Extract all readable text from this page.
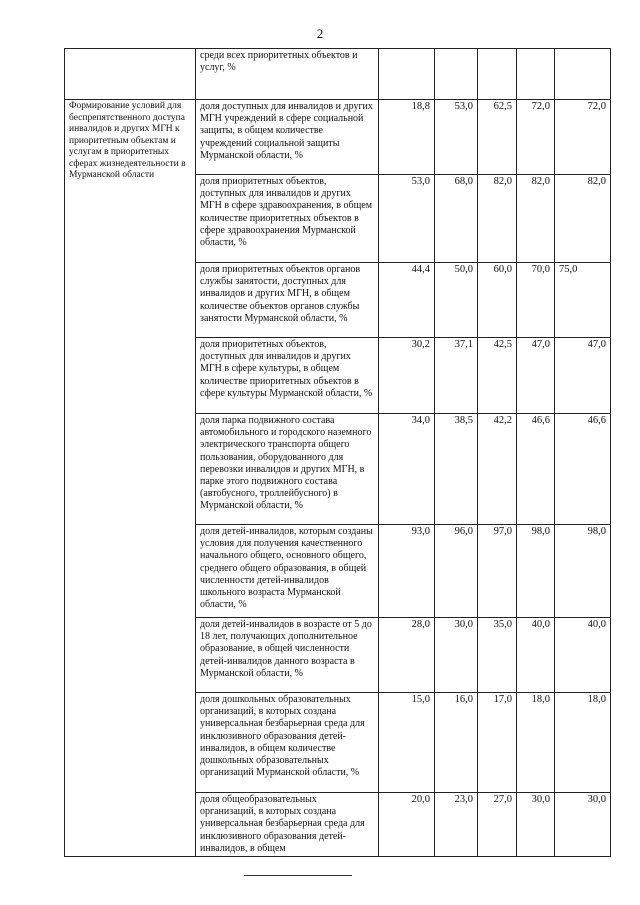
2
	среди всех приоритетных объектов и услуг, %					
Формирование условий для беспрепятственного доступа инвалидов и других МГН к приоритетным объектам и услугам в приоритетных сферах жизнедеятельности в Мурманской области	доля доступных для инвалидов и других МГН учреждений в сфере социальной защиты, в общем количестве учреждений социальной защиты Мурманской области, %	18,8	53,0	62,5	72,0	72,0
	доля приоритетных объектов, доступных для инвалидов и других МГН в сфере здравоохранения, в общем количестве приоритетных объектов в сфере здравоохранения Мурманской области, %	53,0	68,0	82,0	82,0	82,0
	доля приоритетных объектов органов службы занятости, доступных для инвалидов и других МГН, в общем количестве объектов органов службы занятости Мурманской области, %	44,4	50,0	60,0	70,0	75,0
	доля приоритетных объектов, доступных для инвалидов и других МГН в сфере культуры, в общем количестве приоритетных объектов в сфере культуры Мурманской области, %	30,2	37,1	42,5	47,0	47,0
	доля парка подвижного состава автомобильного и городского наземного электрического транспорта общего пользования, оборудованного для перевозки инвалидов и других МГН, в парке этого подвижного состава (автобусного, троллейбусного) в Мурманской области, %	34,0	38,5	42,2	46,6	46,6
	доля детей-инвалидов, которым созданы условия для получения качественного начального общего, основного общего, среднего общего образования, в общей численности детей-инвалидов школьного возраста Мурманской области, %	93,0	96,0	97,0	98,0	98,0
	доля детей-инвалидов в возрасте от 5 до 18 лет, получающих дополнительное образование, в общей численности детей-инвалидов данного возраста в Мурманской области, %	28,0	30,0	35,0	40,0	40,0
	доля дошкольных образовательных организаций, в которых создана универсальная безбарьерная среда для инклюзивного образования детей-инвалидов, в общем количестве дошкольных образовательных организаций Мурманской области, %	15,0	16,0	17,0	18,0	18,0
	доля общеобразовательных организаций, в которых создана универсальная безбарьерная среда для инклюзивного образования детей-инвалидов, в общем	20,0	23,0	27,0	30,0	30,0
